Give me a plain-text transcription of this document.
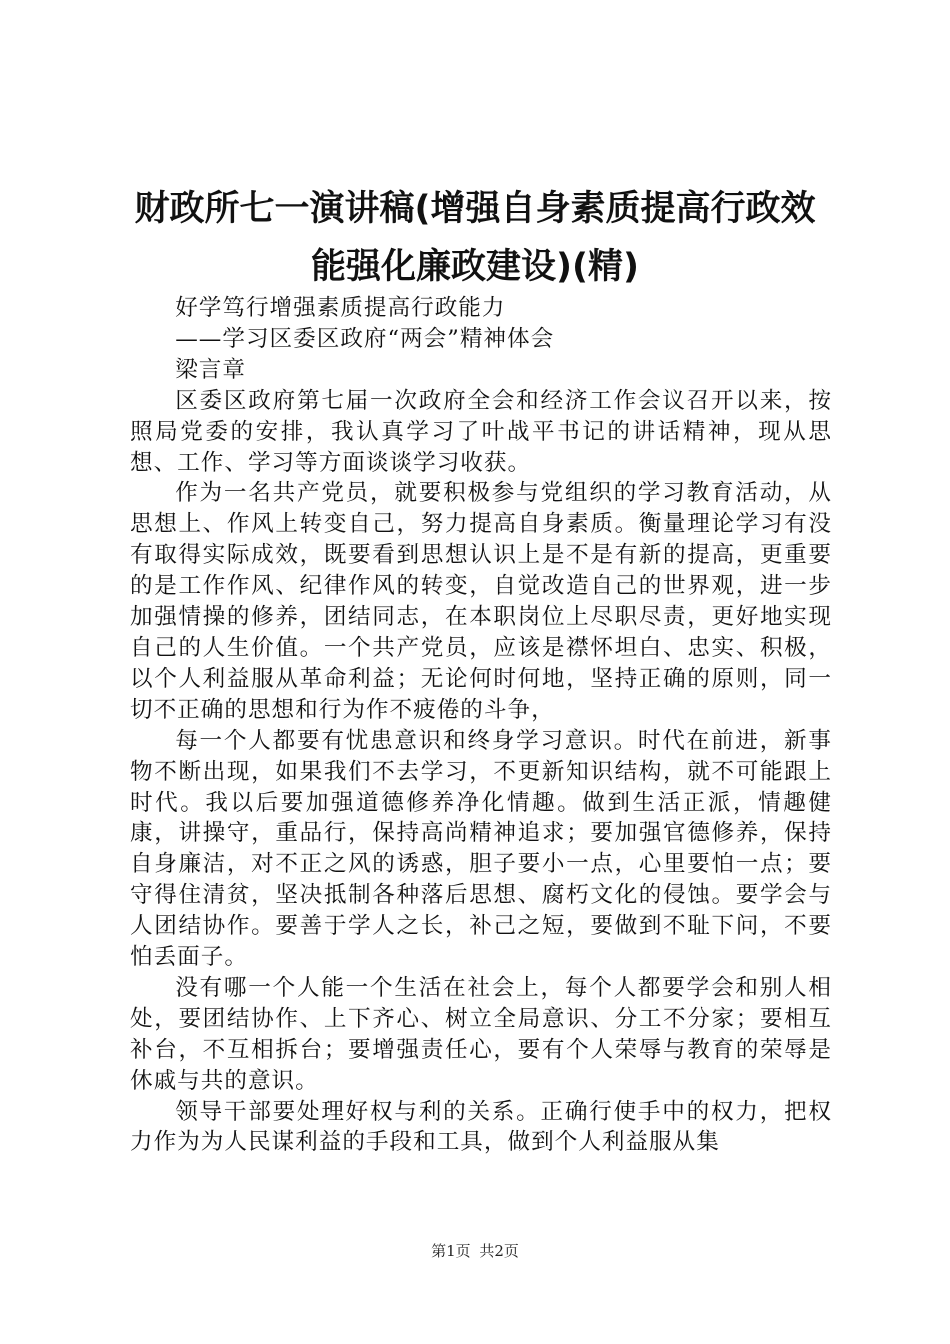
财政所七一演讲稿(增强自身素质提高行政效能强化廉政建设)(精)

好学笃行增强素质提高行政能力

——学习区委区政府“两会”精神体会

梁言章

区委区政府第七届一次政府全会和经济工作会议召开以来，按照局党委的安排，我认真学习了叶战平书记的讲话精神，现从思想、工作、学习等方面谈谈学习收获。

作为一名共产党员，就要积极参与党组织的学习教育活动，从思想上、作风上转变自己，努力提高自身素质。衡量理论学习有没有取得实际成效，既要看到思想认识上是不是有新的提高，更重要的是工作作风、纪律作风的转变，自觉改造自己的世界观，进一步加强情操的修养，团结同志，在本职岗位上尽职尽责，更好地实现自己的人生价值。一个共产党员，应该是襟怀坦白、忠实、积极，以个人利益服从革命利益；无论何时何地，坚持正确的原则，同一切不正确的思想和行为作不疲倦的斗争，

每一个人都要有忧患意识和终身学习意识。时代在前进，新事物不断出现，如果我们不去学习，不更新知识结构，就不可能跟上时代。我以后要加强道德修养净化情趣。做到生活正派，情趣健康，讲操守，重品行，保持高尚精神追求；要加强官德修养，保持自身廉洁，对不正之风的诱惑，胆子要小一点，心里要怕一点；要守得住清贫，坚决抵制各种落后思想、腐朽文化的侵蚀。要学会与人团结协作。要善于学人之长，补己之短，要做到不耻下问，不要怕丢面子。

没有哪一个人能一个生活在社会上，每个人都要学会和别人相处，要团结协作、上下齐心、树立全局意识、分工不分家；要相互补台，不互相拆台；要增强责任心，要有个人荣辱与教育的荣辱是休戚与共的意识。

领导干部要处理好权与利的关系。正确行使手中的权力，把权力作为为人民谋利益的手段和工具，做到个人利益服从集

第1页 共2页
